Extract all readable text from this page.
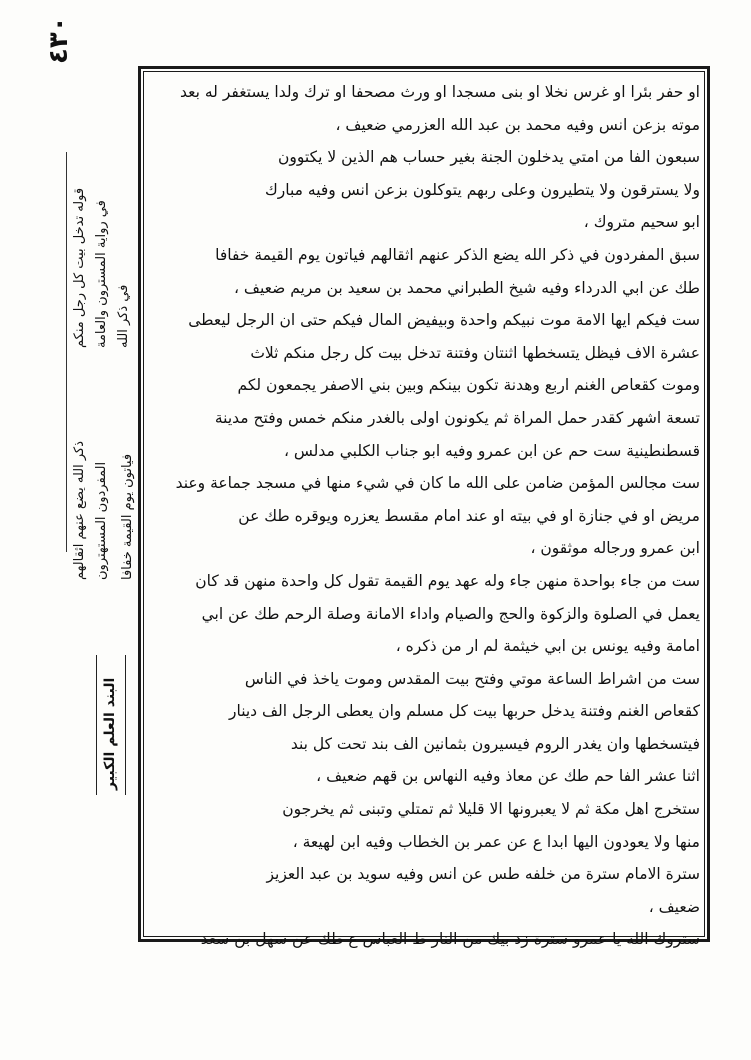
٤٣٠
قوله تدخل بيت كل رجل منكم في رواية المسترون والعامة في ذكر الله
ذكر الله يضع عنهم اثقالهم المفردون المستهترون فياتون يوم القيمة خفافا
البند العلم الكبير
او حفر بئرا او غرس نخلا او بنى مسجدا او ورث مصحفا او ترك ولدا يستغفر له بعد
موته بزعن انس وفيه محمد بن عبد الله العزرمي ضعيف ،
سبعون الفا من امتي يدخلون الجنة بغير حساب هم الذين لا يكتوون
ولا يسترقون ولا يتطيرون وعلى ربهم يتوكلون بزعن انس وفيه مبارك
ابو سحيم متروك ،
سبق المفردون في ذكر الله يضع الذكر عنهم اثقالهم فياتون يوم القيمة خفافا
طك عن ابي الدرداء وفيه شيخ الطبراني محمد بن سعيد بن مريم ضعيف ،
ست فيكم ايها الامة موت نبيكم واحدة وبيفيض المال فيكم حتى ان الرجل ليعطى
عشرة الاف فيظل يتسخطها اثنتان وفتنة تدخل بيت كل رجل منكم ثلاث
وموت كقعاص الغنم اربع وهدنة تكون بينكم وبين بني الاصفر يجمعون لكم
تسعة اشهر كقدر حمل المراة ثم يكونون اولى بالغدر منكم خمس وفتح مدينة
قسطنطينية ست حم عن ابن عمرو وفيه ابو جناب الكلبي مدلس ،
ست مجالس المؤمن ضامن على الله ما كان في شيء منها في مسجد جماعة وعند
مريض او في جنازة او في بيته او عند امام مقسط يعزره ويوقره طك عن
ابن عمرو ورجاله موثقون ،
ست من جاء بواحدة منهن جاء وله عهد يوم القيمة تقول كل واحدة منهن قد كان
يعمل في الصلوة والزكوة والحج والصيام واداء الامانة وصلة الرحم طك عن ابي
امامة وفيه يونس بن ابي خيثمة لم ار من ذكره ،
ست من اشراط الساعة موتي وفتح بيت المقدس وموت ياخذ في الناس
كقعاص الغنم وفتنة يدخل حربها بيت كل مسلم وان يعطى الرجل الف دينار
فيتسخطها وان يغدر الروم فيسيرون بثمانين الف بند تحت كل بند
اثنا عشر الفا حم طك عن معاذ وفيه النهاس بن قهم ضعيف ،
ستخرج اهل مكة ثم لا يعبرونها الا قليلا ثم تمتلي وتبنى ثم يخرجون
منها ولا يعودون اليها ابدا ع عن عمر بن الخطاب وفيه ابن لهيعة ،
سترة الامام سترة من خلفه طس عن انس وفيه سويد بن عبد العزيز
ضعيف ،
ستروك الله يا عمرو سترة زد بيك من النار ط العباس ع طك عن سهل بن سعد
